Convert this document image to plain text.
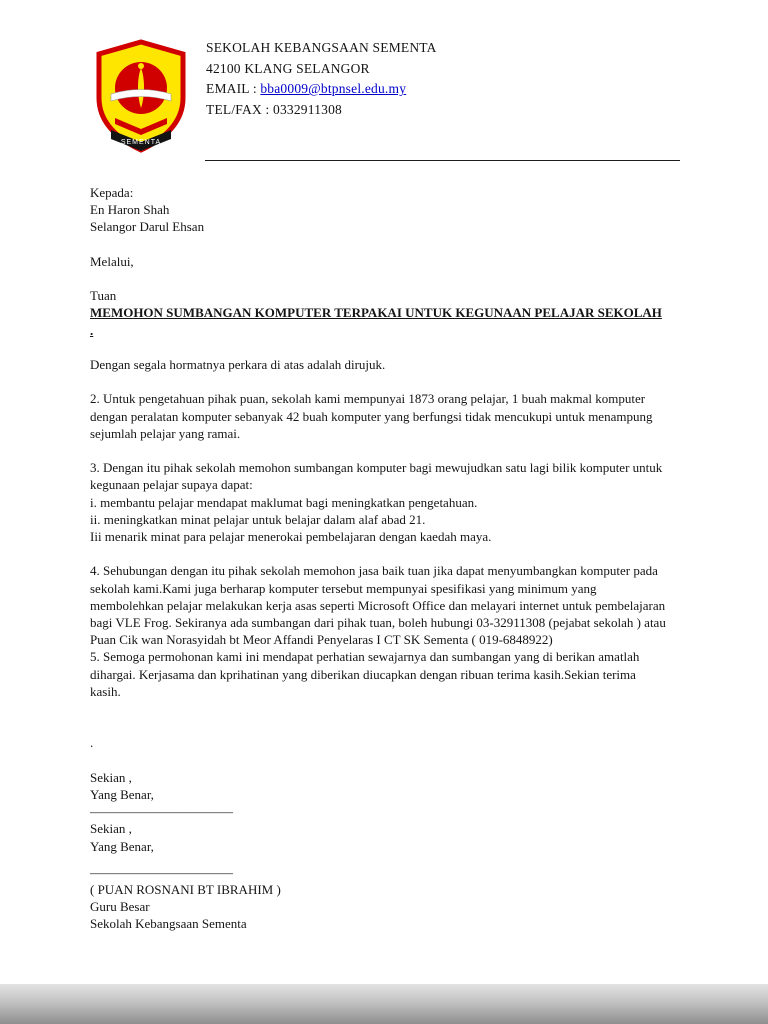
SEMENTA
SEKOLAH KEBANGSAAN SEMENTA
42100 KLANG SELANGOR
EMAIL : bba0009@btpnsel.edu.my
TEL/FAX : 0332911308

Kepada:

En Haron Shah

Selangor Darul Ehsan

Melalui,

Tuan

MEMOHON SUMBANGAN KOMPUTER TERPAKAI UNTUK KEGUNAAN PELAJAR SEKOLAH .

Dengan segala hormatnya perkara di atas adalah dirujuk.

2. Untuk pengetahuan pihak puan, sekolah kami mempunyai 1873 orang pelajar, 1 buah makmal komputer dengan peralatan komputer sebanyak 42 buah komputer yang berfungsi tidak mencukupi untuk menampung sejumlah pelajar yang ramai.

3. Dengan itu pihak sekolah memohon sumbangan komputer bagi mewujudkan satu lagi bilik komputer untuk kegunaan pelajar supaya dapat:

i. membantu pelajar mendapat maklumat bagi meningkatkan pengetahuan.

ii. meningkatkan minat pelajar untuk belajar dalam alaf abad 21.

Iii menarik minat para pelajar menerokai pembelajaran dengan kaedah maya.

4. Sehubungan dengan itu pihak sekolah memohon jasa baik tuan jika dapat menyumbangkan komputer pada sekolah kami.Kami juga berharap komputer tersebut mempunyai spesifikasi yang minimum yang membolehkan pelajar melakukan kerja asas seperti Microsoft Office dan melayari internet untuk pembelajaran bagi VLE Frog. Sekiranya ada sumbangan dari pihak tuan, boleh hubungi 03-32911308 (pejabat sekolah ) atau Puan Cik wan Norasyidah bt Meor Affandi Penyelaras I CT SK Sementa ( 019-6848922)

5. Semoga permohonan kami ini mendapat perhatian sewajarnya dan sumbangan yang di berikan amatlah dihargai. Kerjasama dan kprihatinan yang diberikan diucapkan dengan ribuan terima kasih.Sekian terima kasih.

.

Sekian ,

Yang Benar,

———————————

Sekian ,

Yang Benar,

———————————

( PUAN ROSNANI BT IBRAHIM )

Guru Besar

Sekolah Kebangsaan Sementa
